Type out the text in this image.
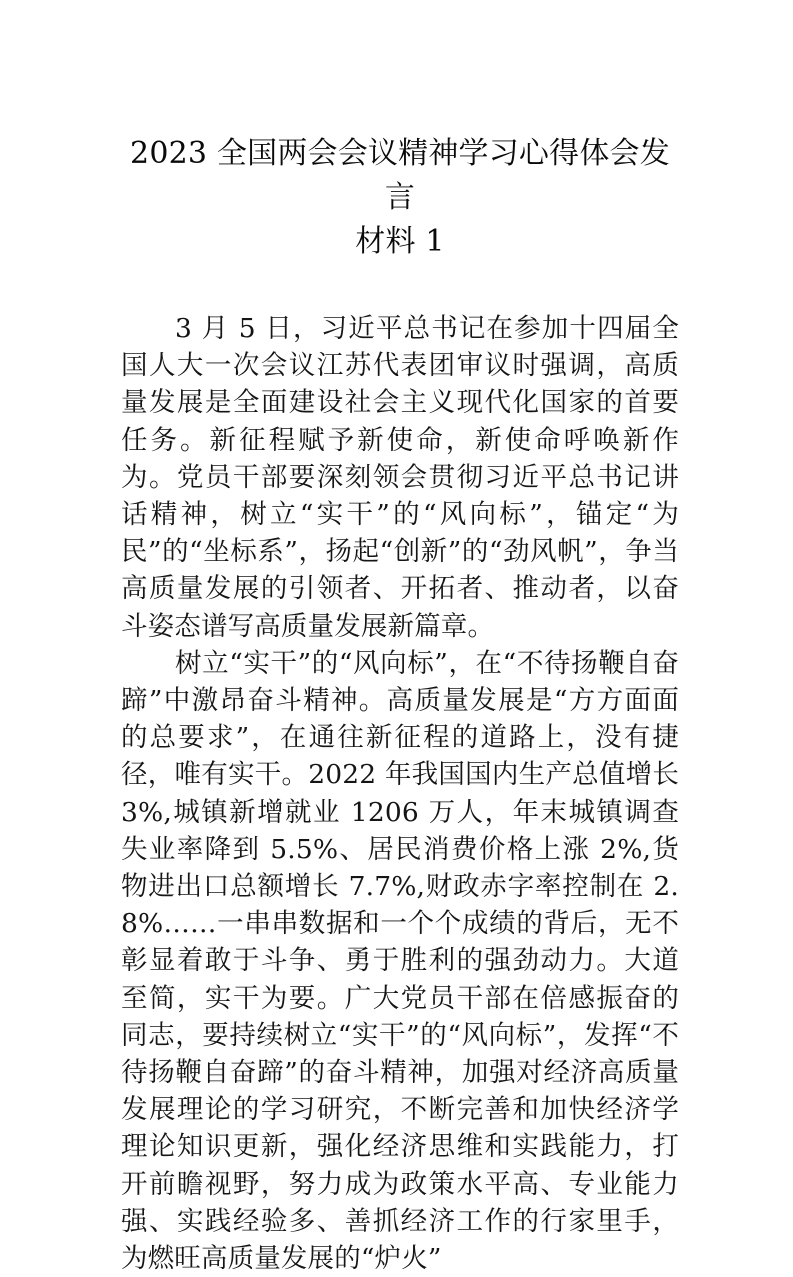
2023 全国两会会议精神学习心得体会发言
材料 1

3 月 5 日，习近平总书记在参加十四届全国人大一次会议江苏代表团审议时强调，高质量发展是全面建设社会主义现代化国家的首要任务。新征程赋予新使命，新使命呼唤新作为。党员干部要深刻领会贯彻习近平总书记讲话精神，树立“实干”的“风向标”，锚定“为民”的“坐标系”，扬起“创新”的“劲风帆”，争当高质量发展的引领者、开拓者、推动者，以奋斗姿态谱写高质量发展新篇章。

树立“实干”的“风向标”，在“不待扬鞭自奋蹄”中激昂奋斗精神。高质量发展是“方方面面的总要求”，在通往新征程的道路上，没有捷径，唯有实干。2022 年我国国内生产总值增长 3%,城镇新增就业 1206 万人，年末城镇调查失业率降到 5.5%、居民消费价格上涨 2%,货物进出口总额增长 7.7%,财政赤字率控制在 2.8%……一串串数据和一个个成绩的背后，无不彰显着敢于斗争、勇于胜利的强劲动力。大道至简，实干为要。广大党员干部在倍感振奋的同志，要持续树立“实干”的“风向标”，发挥“不待扬鞭自奋蹄”的奋斗精神，加强对经济高质量发展理论的学习研究，不断完善和加快经济学理论知识更新，强化经济思维和实践能力，打开前瞻视野，努力成为政策水平高、专业能力强、实践经验多、善抓经济工作的行家里手，为燃旺高质量发展的“炉火”
